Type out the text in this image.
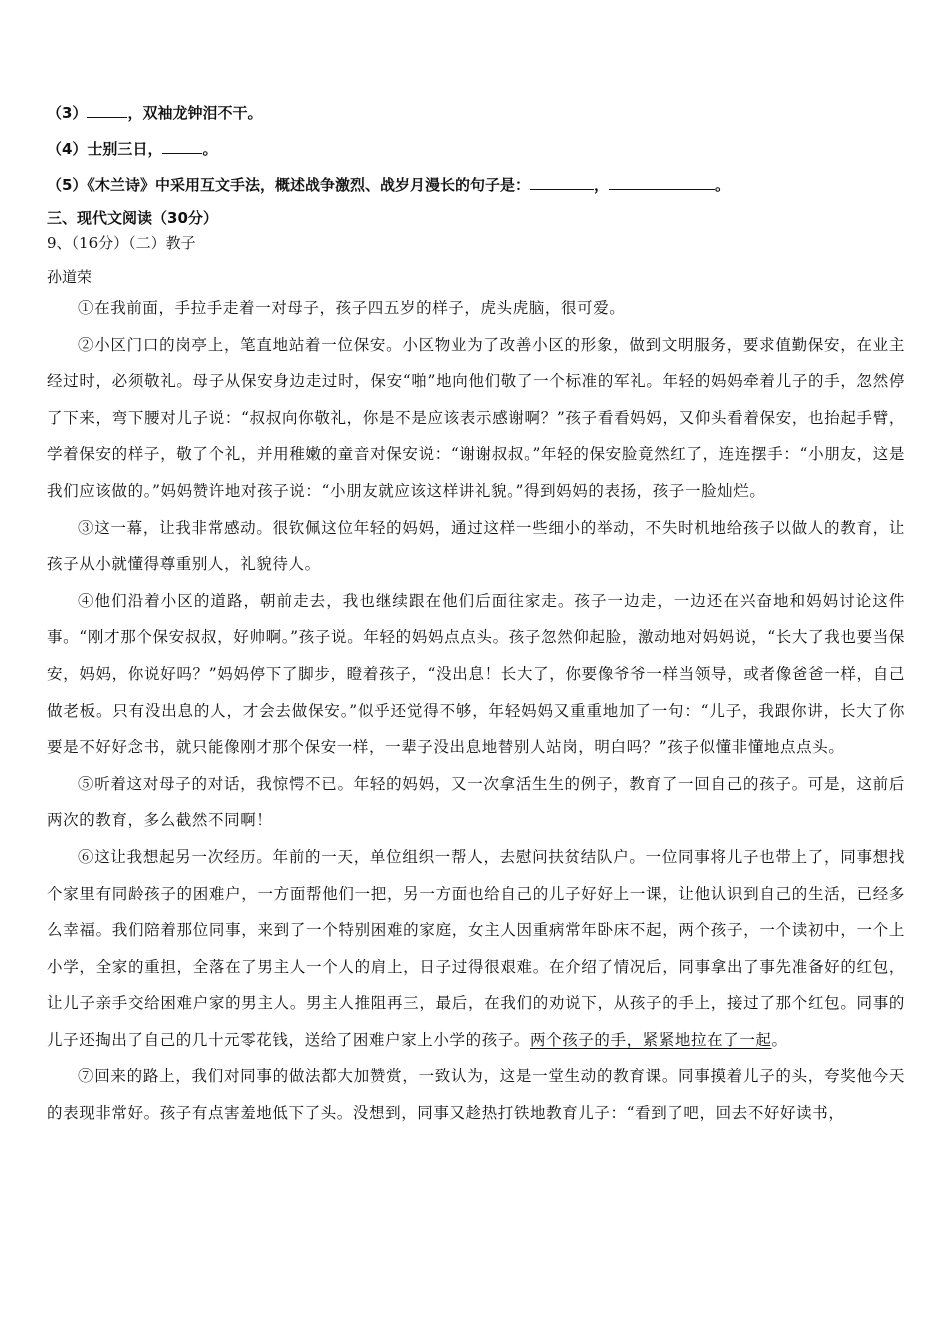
（3）	，双袖龙钟泪不干。
（4）士别三日，	。
（5）《木兰诗》中采用互文手法，概述战争激烈、战岁月漫长的句子是：	，	。
三、现代文阅读（30分）
9、（16分）（二）教子
孙道荣

①在我前面，手拉手走着一对母子，孩子四五岁的样子，虎头虎脑，很可爱。

②小区门口的岗亭上，笔直地站着一位保安。小区物业为了改善小区的形象，做到文明服务，要求值勤保安，在业主经过时，必须敬礼。母子从保安身边走过时，保安“啪”地向他们敬了一个标准的军礼。年轻的妈妈牵着儿子的手，忽然停了下来，弯下腰对儿子说：“叔叔向你敬礼，你是不是应该表示感谢啊？”孩子看看妈妈，又仰头看着保安，也抬起手臂，学着保安的样子，敬了个礼，并用稚嫩的童音对保安说：“谢谢叔叔。”年轻的保安脸竟然红了，连连摆手：“小朋友，这是我们应该做的。”妈妈赞许地对孩子说：“小朋友就应该这样讲礼貌。”得到妈妈的表扬，孩子一脸灿烂。

③这一幕，让我非常感动。很钦佩这位年轻的妈妈，通过这样一些细小的举动，不失时机地给孩子以做人的教育，让孩子从小就懂得尊重别人，礼貌待人。

④他们沿着小区的道路，朝前走去，我也继续跟在他们后面往家走。孩子一边走，一边还在兴奋地和妈妈讨论这件事。“刚才那个保安叔叔，好帅啊。”孩子说。年轻的妈妈点点头。孩子忽然仰起脸，激动地对妈妈说，“长大了我也要当保安，妈妈，你说好吗？”妈妈停下了脚步，瞪着孩子，“没出息！长大了，你要像爷爷一样当领导，或者像爸爸一样，自己做老板。只有没出息的人，才会去做保安。”似乎还觉得不够，年轻妈妈又重重地加了一句：“儿子，我跟你讲，长大了你要是不好好念书，就只能像刚才那个保安一样，一辈子没出息地替别人站岗，明白吗？”孩子似懂非懂地点点头。

⑤听着这对母子的对话，我惊愕不已。年轻的妈妈，又一次拿活生生的例子，教育了一回自己的孩子。可是，这前后两次的教育，多么截然不同啊！

⑥这让我想起另一次经历。年前的一天，单位组织一帮人，去慰问扶贫结队户。一位同事将儿子也带上了，同事想找个家里有同龄孩子的困难户，一方面帮他们一把，另一方面也给自己的儿子好好上一课，让他认识到自己的生活，已经多么幸福。我们陪着那位同事，来到了一个特别困难的家庭，女主人因重病常年卧床不起，两个孩子，一个读初中，一个上小学，全家的重担，全落在了男主人一个人的肩上，日子过得很艰难。在介绍了情况后，同事拿出了事先准备好的红包，让儿子亲手交给困难户家的男主人。男主人推阻再三，最后，在我们的劝说下，从孩子的手上，接过了那个红包。同事的儿子还掏出了自己的几十元零花钱，送给了困难户家上小学的孩子。两个孩子的手，紧紧地拉在了一起。

⑦回来的路上，我们对同事的做法都大加赞赏，一致认为，这是一堂生动的教育课。同事摸着儿子的头，夸奖他今天的表现非常好。孩子有点害羞地低下了头。没想到，同事又趁热打铁地教育儿子：“看到了吧，回去不好好读书，
